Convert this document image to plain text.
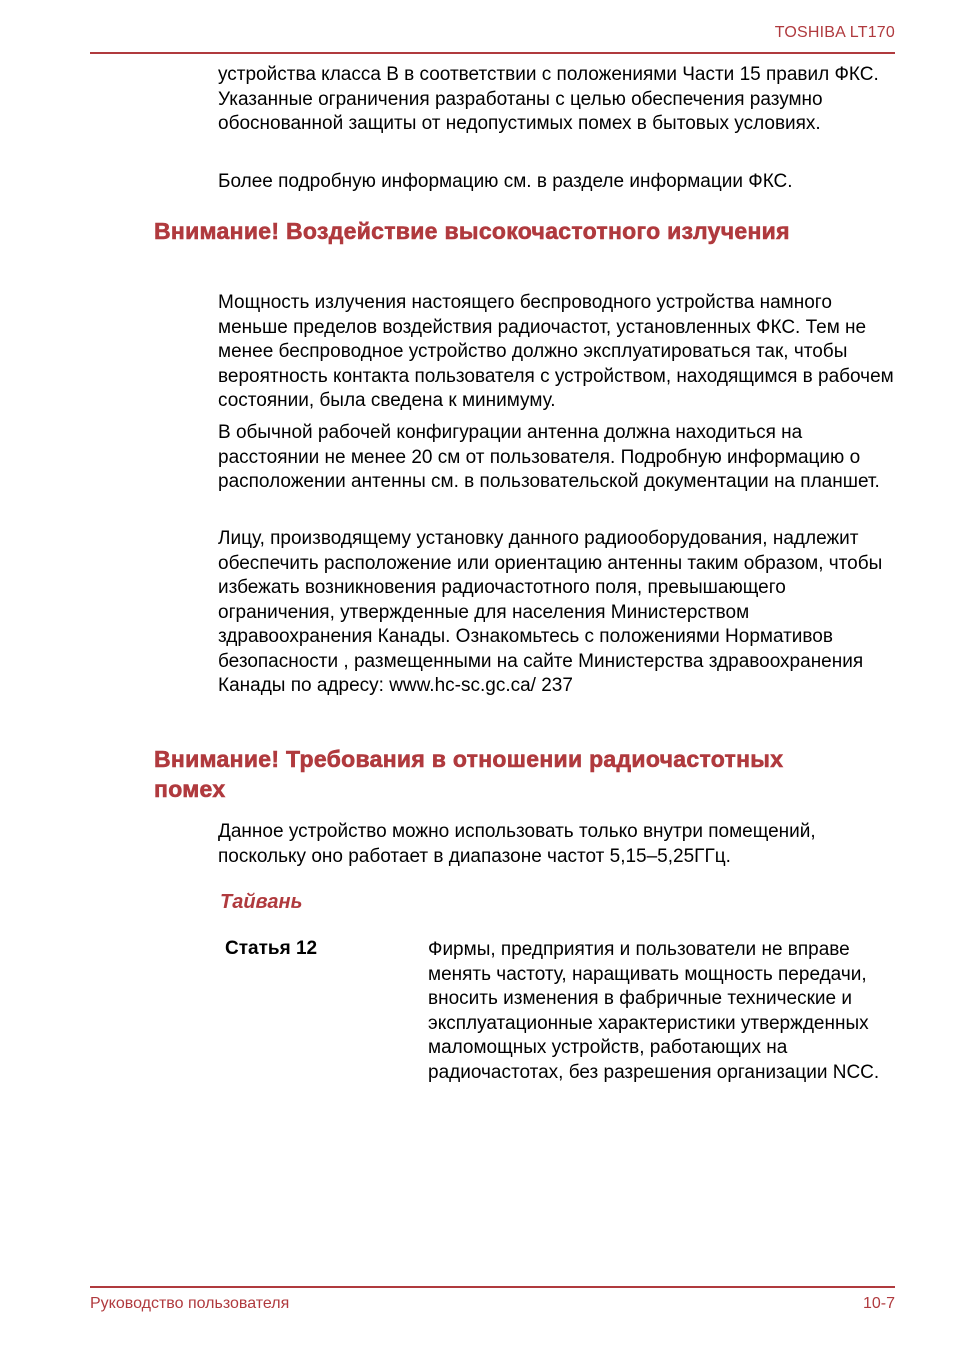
TOSHIBA LT170

устройства класса B в соответствии с положениями Части 15 правил ФКС. Указанные ограничения разработаны с целью обеспечения разумно обоснованной защиты от недопустимых помех в бытовых условиях.

Более подробную информацию см. в разделе информации ФКС.

Внимание! Воздействие высокочастотного излучения

Мощность излучения настоящего беспроводного устройства намного меньше пределов воздействия радиочастот, установленных ФКС. Тем не менее беспроводное устройство должно эксплуатироваться так, чтобы вероятность контакта пользователя с устройством, находящимся в рабочем состоянии, была сведена к минимуму.

В обычной рабочей конфигурации антенна должна находиться на расстоянии не менее 20 см от пользователя. Подробную информацию о расположении антенны см. в пользовательской документации на планшет.

Лицу, производящему установку данного радиооборудования, надлежит обеспечить расположение или ориентацию антенны таким образом, чтобы избежать возникновения радиочастотного поля, превышающего ограничения, утвержденные для населения Министерством здравоохранения Канады. Ознакомьтесь с положениями Нормативов безопасности , размещенными на сайте Министерства здравоохранения Канады по адресу: www.hc-sc.gc.ca/ 237

Внимание! Требования в отношении радиочастотных помех

Данное устройство можно использовать только внутри помещений, поскольку оно работает в диапазоне частот 5,15–5,25ГГц.

Тайвань

Статья 12	Фирмы, предприятия и пользователи не вправе менять частоту, наращивать мощность передачи, вносить изменения в фабричные технические и эксплуатационные характеристики утвержденных маломощных устройств, работающих на радиочастотах, без разрешения организации NCC.

Руководство пользователя	10-7
